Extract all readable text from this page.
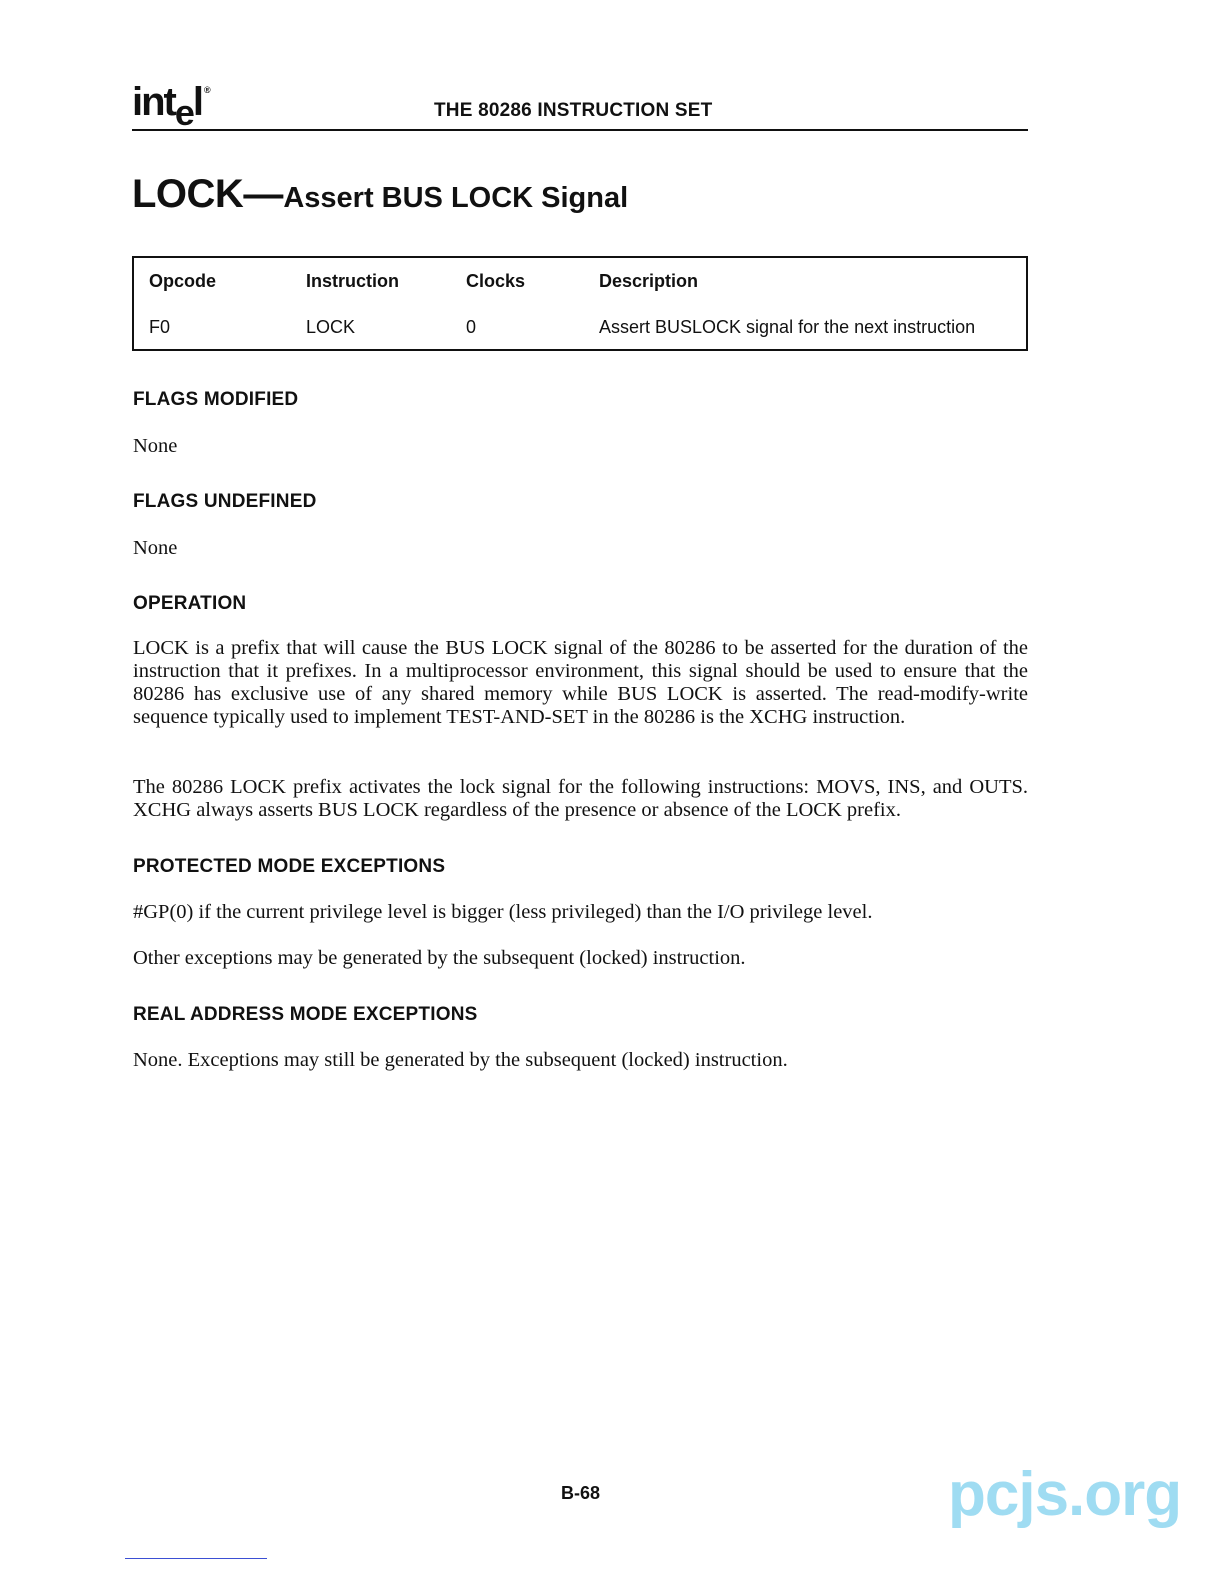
intel ®
THE 80286 INSTRUCTION SET
LOCK—Assert BUS LOCK Signal
Opcode	Instruction	Clocks	Description
F0	LOCK	0	Assert BUSLOCK signal for the next instruction
FLAGS MODIFIED

None

FLAGS UNDEFINED

None

OPERATION

LOCK is a prefix that will cause the BUS LOCK signal of the 80286 to be asserted for the duration of the instruction that it prefixes. In a multiprocessor environment, this signal should be used to ensure that the 80286 has exclusive use of any shared memory while BUS LOCK is asserted. The read-modify-write sequence typically used to implement TEST-AND-SET in the 80286 is the XCHG instruction.

The 80286 LOCK prefix activates the lock signal for the following instructions: MOVS, INS, and OUTS. XCHG always asserts BUS LOCK regardless of the presence or absence of the LOCK prefix.

PROTECTED MODE EXCEPTIONS

#GP(0) if the current privilege level is bigger (less privileged) than the I/O privilege level.

Other exceptions may be generated by the subsequent (locked) instruction.

REAL ADDRESS MODE EXCEPTIONS

None. Exceptions may still be generated by the subsequent (locked) instruction.

B-68	pcjs.org
